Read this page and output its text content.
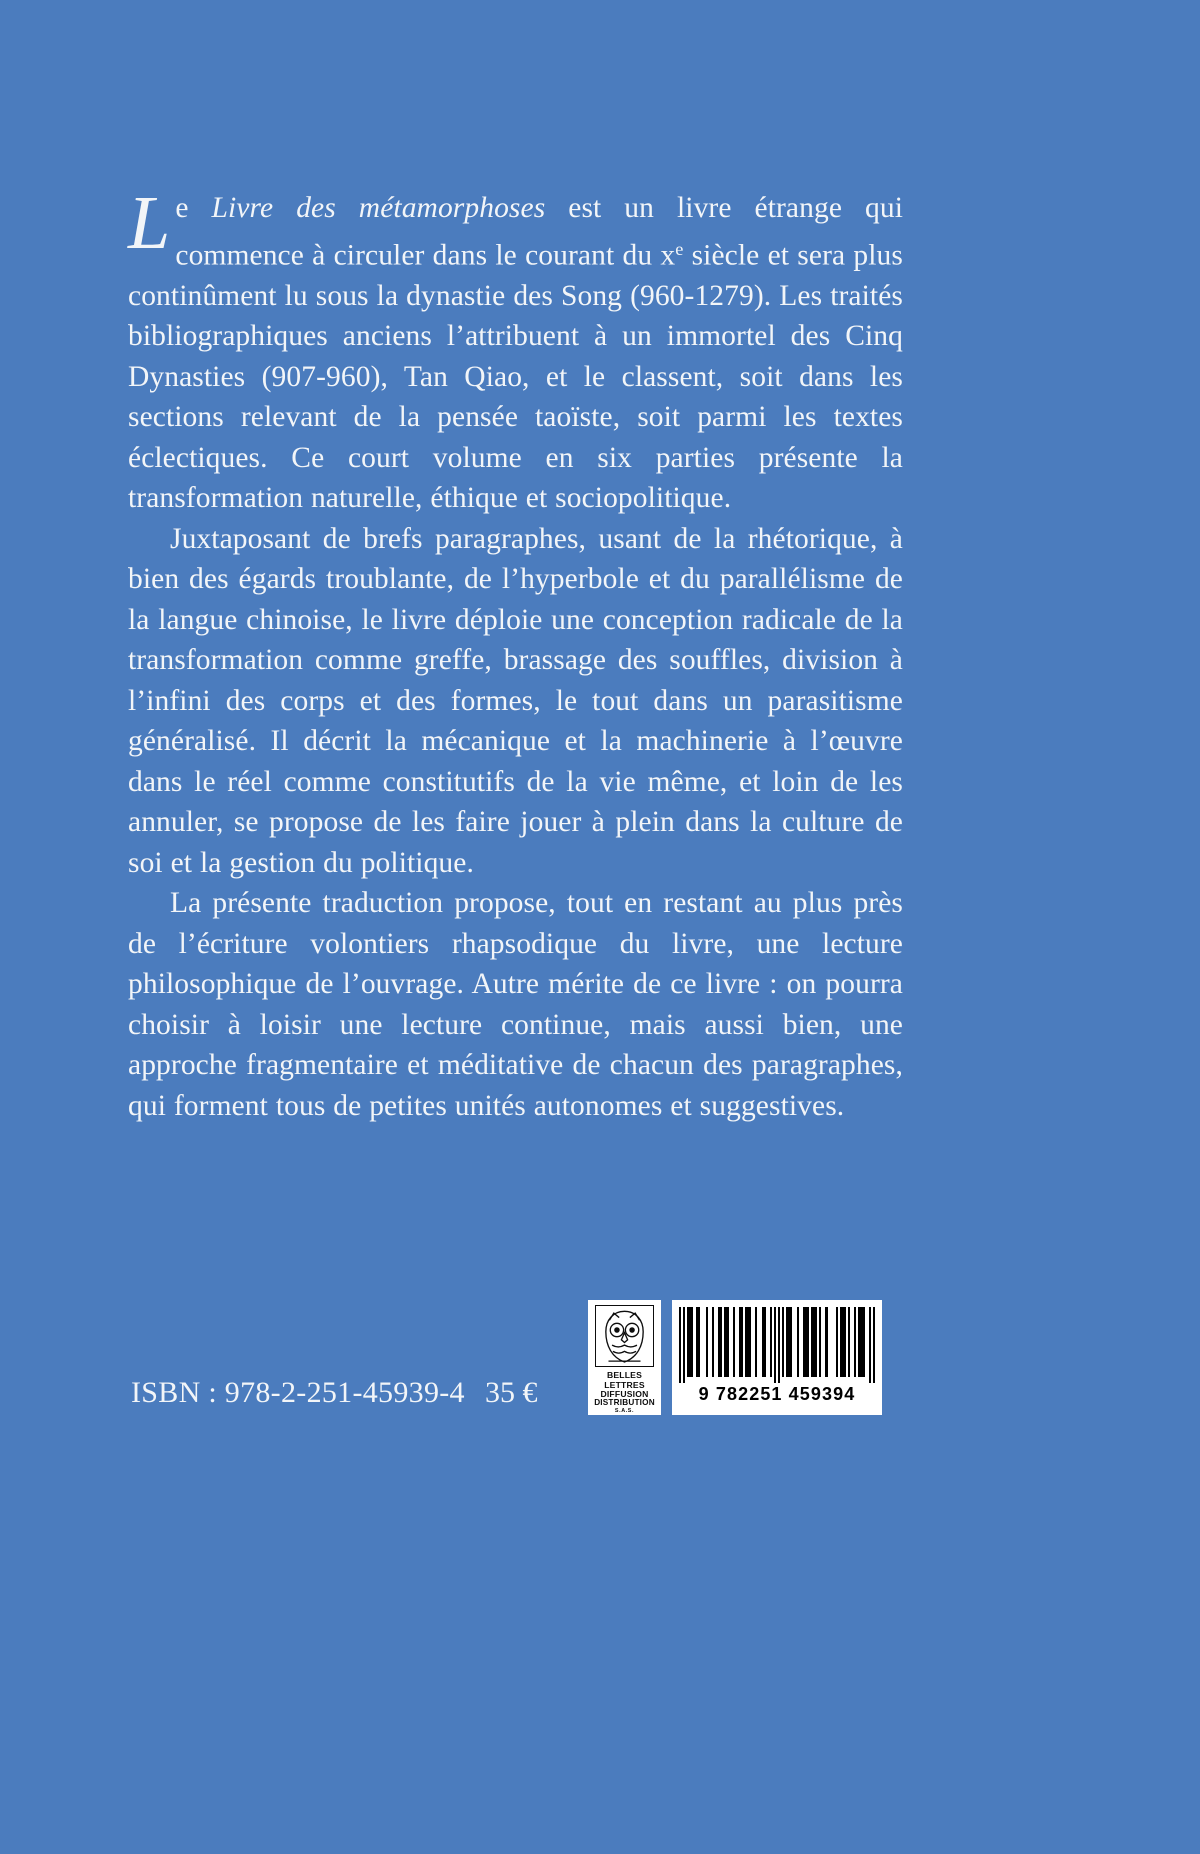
Le Livre des métamorphoses est un livre étrange qui commence à circuler dans le courant du $x^e$ siècle et sera plus continûment lu sous la dynastie des Song (960-1279). Les traités bibliographiques anciens l’attribuent à un immortel des Cinq Dynasties (907-960), Tan Qiao, et le classent, soit dans les sections relevant de la pensée taoïste, soit parmi les textes éclectiques. Ce court volume en six parties présente la transformation naturelle, éthique et sociopolitique.

Juxtaposant de brefs paragraphes, usant de la rhétorique, à bien des égards troublante, de l’hyperbole et du parallélisme de la langue chinoise, le livre déploie une conception radicale de la transformation comme greffe, brassage des souffles, division à l’infini des corps et des formes, le tout dans un parasitisme généralisé. Il décrit la mécanique et la machinerie à l’œuvre dans le réel comme constitutifs de la vie même, et loin de les annuler, se propose de les faire jouer à plein dans la culture de soi et la gestion du politique.

La présente traduction propose, tout en restant au plus près de l’écriture volontiers rhapsodique du livre, une lecture philosophique de l’ouvrage. Autre mérite de ce livre : on pourra choisir à loisir une lecture continue, mais aussi bien, une approche fragmentaire et méditative de chacun des paragraphes, qui forment tous de petites unités autonomes et suggestives.

ISBN : 978-2-251-45939-4 35 €
BELLES LETTRES
DIFFUSION
DISTRIBUTION
S.A.S.
9 782251 459394
